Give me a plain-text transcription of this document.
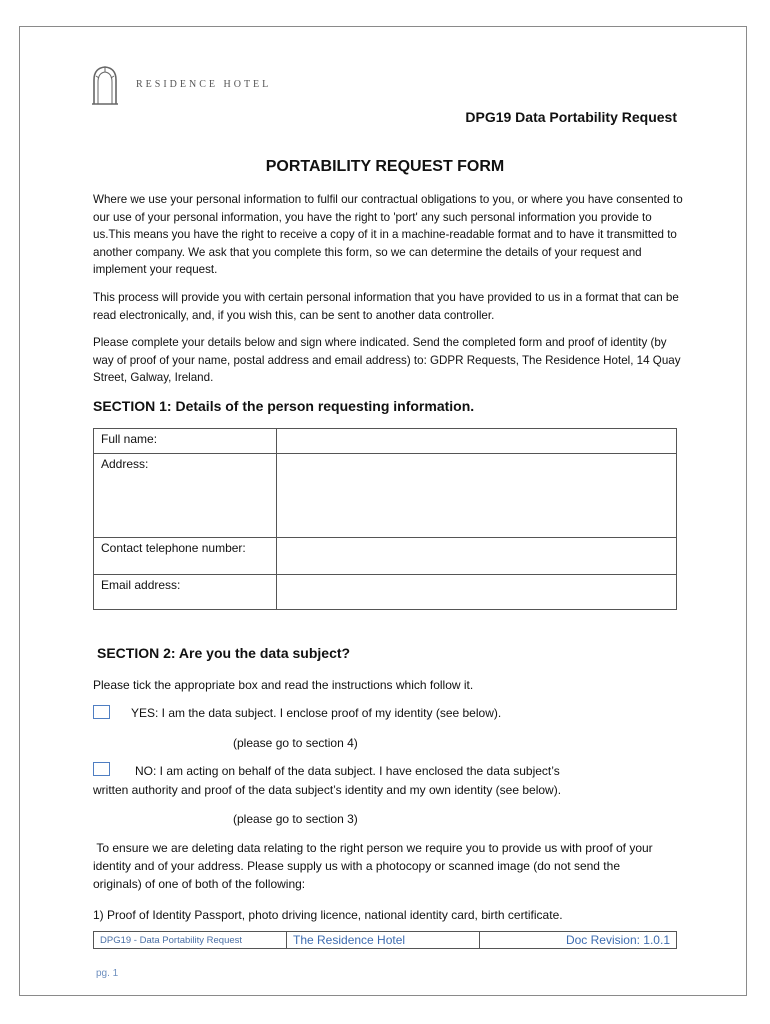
RESIDENCE HOTEL
DPG19 Data Portability Request
PORTABILITY REQUEST FORM
Where we use your personal information to fulfil our contractual obligations to you, or where you have consented to our use of your personal information, you have the right to 'port' any such personal information you provide to us.This means you have the right to receive a copy of it in a machine-readable format and to have it transmitted to another company. We ask that you complete this form, so we can determine the details of your request and implement your request.
This process will provide you with certain personal information that you have provided to us in a format that can be read electronically, and, if you wish this, can be sent to another data controller.
Please complete your details below and sign where indicated. Send the completed form and proof of identity (by way of proof of your name, postal address and email address) to: GDPR Requests, The Residence Hotel, 14 Quay Street, Galway, Ireland.
SECTION 1: Details of the person requesting information.
Full name:	
Address:	
Contact telephone number:	
Email address:	
SECTION 2: Are you the data subject?
Please tick the appropriate box and read the instructions which follow it.
YES: I am the data subject. I enclose proof of my identity (see below).
(please go to section 4)
NO: I am acting on behalf of the data subject. I have enclosed the data subject’s
written authority and proof of the data subject’s identity and my own identity (see below).
(please go to section 3)
To ensure we are deleting data relating to the right person we require you to provide us with proof of your identity and of your address. Please supply us with a photocopy or scanned image (do not send the originals) of one of both of the following:
1) Proof of Identity Passport, photo driving licence, national identity card, birth certificate.
DPG19 - Data Portability Request	The Residence Hotel	Doc Revision: 1.0.1
pg. 1
